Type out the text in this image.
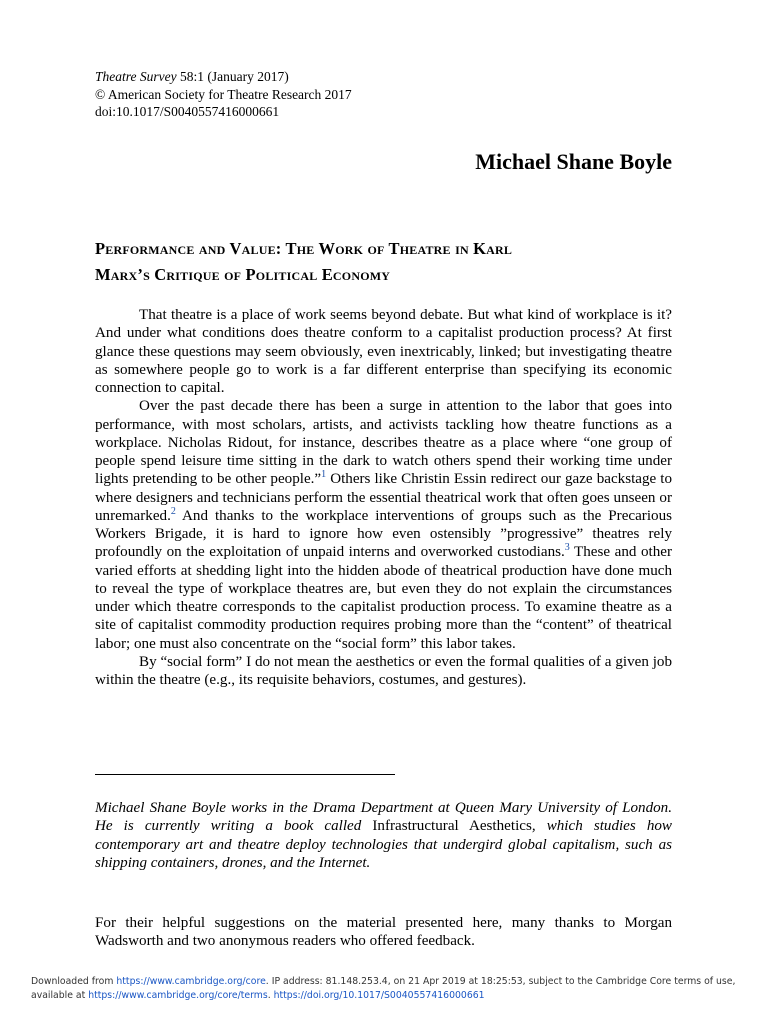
Theatre Survey 58:1 (January 2017)
© American Society for Theatre Research 2017
doi:10.1017/S0040557416000661
Michael Shane Boyle
Performance and Value: The Work of Theatre in Karl
Marx’s Critique of Political Economy

That theatre is a place of work seems beyond debate. But what kind of workplace is it? And under what conditions does theatre conform to a capitalist production process? At first glance these questions may seem obviously, even inextricably, linked; but investigating theatre as somewhere people go to work is a far different enterprise than specifying its economic connection to capital.

Over the past decade there has been a surge in attention to the labor that goes into performance, with most scholars, artists, and activists tackling how theatre functions as a workplace. Nicholas Ridout, for instance, describes theatre as a place where “one group of people spend leisure time sitting in the dark to watch others spend their working time under lights pretending to be other people.”$^1$ Others like Christin Essin redirect our gaze backstage to where designers and technicians perform the essential theatrical work that often goes unseen or unremarked.$^2$ And thanks to the workplace interventions of groups such as the Precarious Workers Brigade, it is hard to ignore how even ostensibly ”progressive” theatres rely profoundly on the exploitation of unpaid interns and overworked custodians.$^3$ These and other varied efforts at shedding light into the hidden abode of theatrical production have done much to reveal the type of workplace theatres are, but even they do not explain the circumstances under which theatre corresponds to the capitalist production process. To examine theatre as a site of capitalist commodity production requires probing more than the “content” of theatrical labor; one must also concentrate on the “social form” this labor takes.

By “social form” I do not mean the aesthetics or even the formal qualities of a given job within the theatre (e.g., its requisite behaviors, costumes, and gestures).

Michael Shane Boyle works in the Drama Department at Queen Mary University of London. He is currently writing a book called Infrastructural Aesthetics, which studies how contemporary art and theatre deploy technologies that undergird global capitalism, such as shipping containers, drones, and the Internet.
For their helpful suggestions on the material presented here, many thanks to Morgan Wadsworth and two anonymous readers who offered feedback.
Downloaded from https://www.cambridge.org/core. IP address: 81.148.253.4, on 21 Apr 2019 at 18:25:53, subject to the Cambridge Core terms of use, available at https://www.cambridge.org/core/terms. https://doi.org/10.1017/S0040557416000661
